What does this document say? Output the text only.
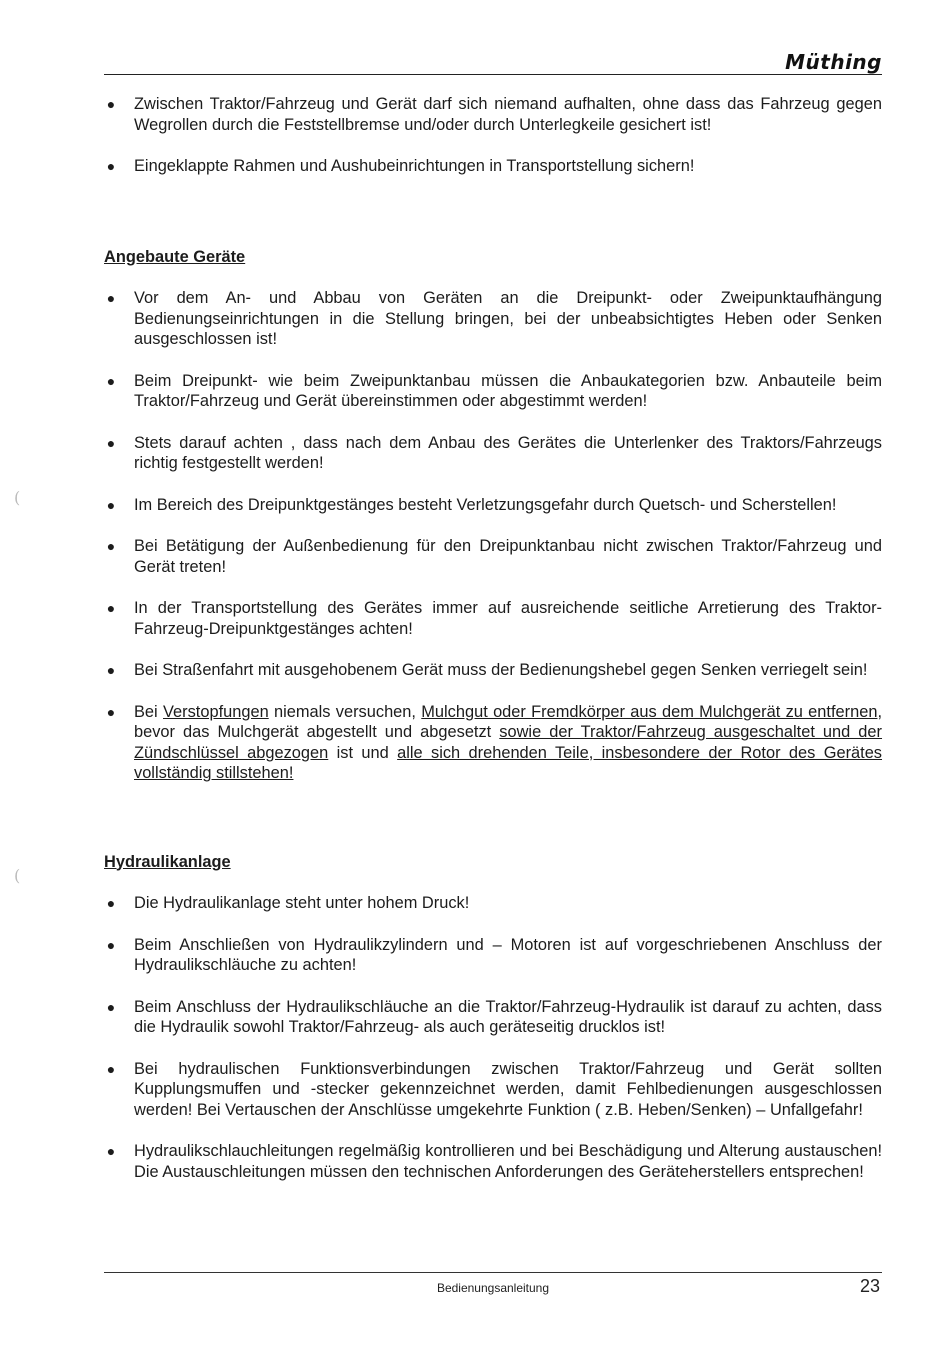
Müthing
(
(
● Zwischen Traktor/Fahrzeug und Gerät darf sich niemand aufhalten, ohne dass das Fahrzeug gegen Wegrollen durch die Feststellbremse und/oder durch Unterlegkeile gesichert ist!
● Eingeklappte Rahmen und Aushubeinrichtungen in Transportstellung sichern!
Angebaute Geräte
● Vor dem An- und Abbau von Geräten an die Dreipunkt- oder Zweipunktaufhängung Bedienungseinrichtungen in die Stellung bringen, bei der unbeabsichtigtes Heben oder Senken ausgeschlossen ist!
● Beim Dreipunkt- wie beim Zweipunktanbau müssen die Anbaukategorien bzw. Anbauteile beim Traktor/Fahrzeug und Gerät übereinstimmen oder abgestimmt werden!
● Stets darauf achten , dass nach dem Anbau des Gerätes die Unterlenker des Traktors/Fahrzeugs richtig festgestellt werden!
● Im Bereich des Dreipunktgestänges besteht Verletzungsgefahr durch Quetsch- und Scherstellen!
● Bei Betätigung der Außenbedienung für den Dreipunktanbau nicht zwischen Traktor/Fahrzeug und Gerät treten!
● In der Transportstellung des Gerätes immer auf ausreichende seitliche Arretierung des Traktor-Fahrzeug-Dreipunktgestänges achten!
● Bei Straßenfahrt mit ausgehobenem Gerät muss der Bedienungshebel gegen Senken verriegelt sein!
● Bei Verstopfungen niemals versuchen, Mulchgut oder Fremdkörper aus dem Mulchgerät zu entfernen, bevor das Mulchgerät abgestellt und abgesetzt sowie der Traktor/Fahrzeug ausgeschaltet und der Zündschlüssel abgezogen ist und alle sich drehenden Teile, insbesondere der Rotor des Gerätes vollständig stillstehen!
Hydraulikanlage
● Die Hydraulikanlage steht unter hohem Druck!
● Beim Anschließen von Hydraulikzylindern und – Motoren ist auf vorgeschriebenen Anschluss der Hydraulikschläuche zu achten!
● Beim Anschluss der Hydraulikschläuche an die Traktor/Fahrzeug-Hydraulik ist darauf zu achten, dass die Hydraulik sowohl Traktor/Fahrzeug- als auch geräteseitig drucklos ist!
● Bei hydraulischen Funktionsverbindungen zwischen Traktor/Fahrzeug und Gerät sollten Kupplungsmuffen und -stecker gekennzeichnet werden, damit Fehlbedienungen ausgeschlossen werden! Bei Vertauschen der Anschlüsse umgekehrte Funktion ( z.B. Heben/Senken) – Unfallgefahr!
● Hydraulikschlauchleitungen regelmäßig kontrollieren und bei Beschädigung und Alterung austauschen! Die Austauschleitungen müssen den technischen Anforderungen des Geräteherstellers entsprechen!
Bedienungsanleitung	23
